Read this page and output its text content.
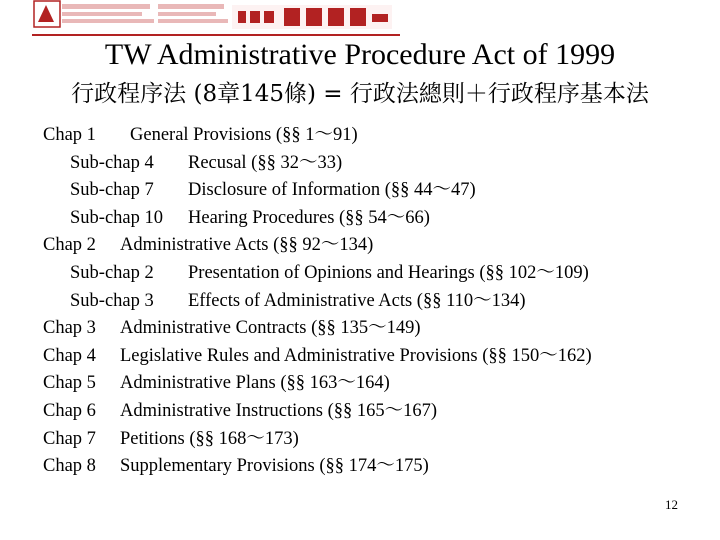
TW Administrative Procedure Act of 1999
行政程序法 (8章145條) = 行政法總則＋行政程序基本法
Chap 1 General Provisions (§§ 1～91)
Sub-chap 4 Recusal (§§ 32～33)
Sub-chap 7 Disclosure of Information (§§ 44～47)
Sub-chap 10 Hearing Procedures (§§ 54～66)
Chap 2 Administrative Acts (§§ 92～134)
Sub-chap 2 Presentation of Opinions and Hearings (§§ 102～109)
Sub-chap 3 Effects of Administrative Acts (§§ 110～134)
Chap 3 Administrative Contracts (§§ 135～149)
Chap 4 Legislative Rules and Administrative Provisions (§§ 150～162)
Chap 5 Administrative Plans (§§ 163～164)
Chap 6 Administrative Instructions (§§ 165～167)
Chap 7 Petitions (§§ 168～173)
Chap 8 Supplementary Provisions (§§ 174～175)
12
